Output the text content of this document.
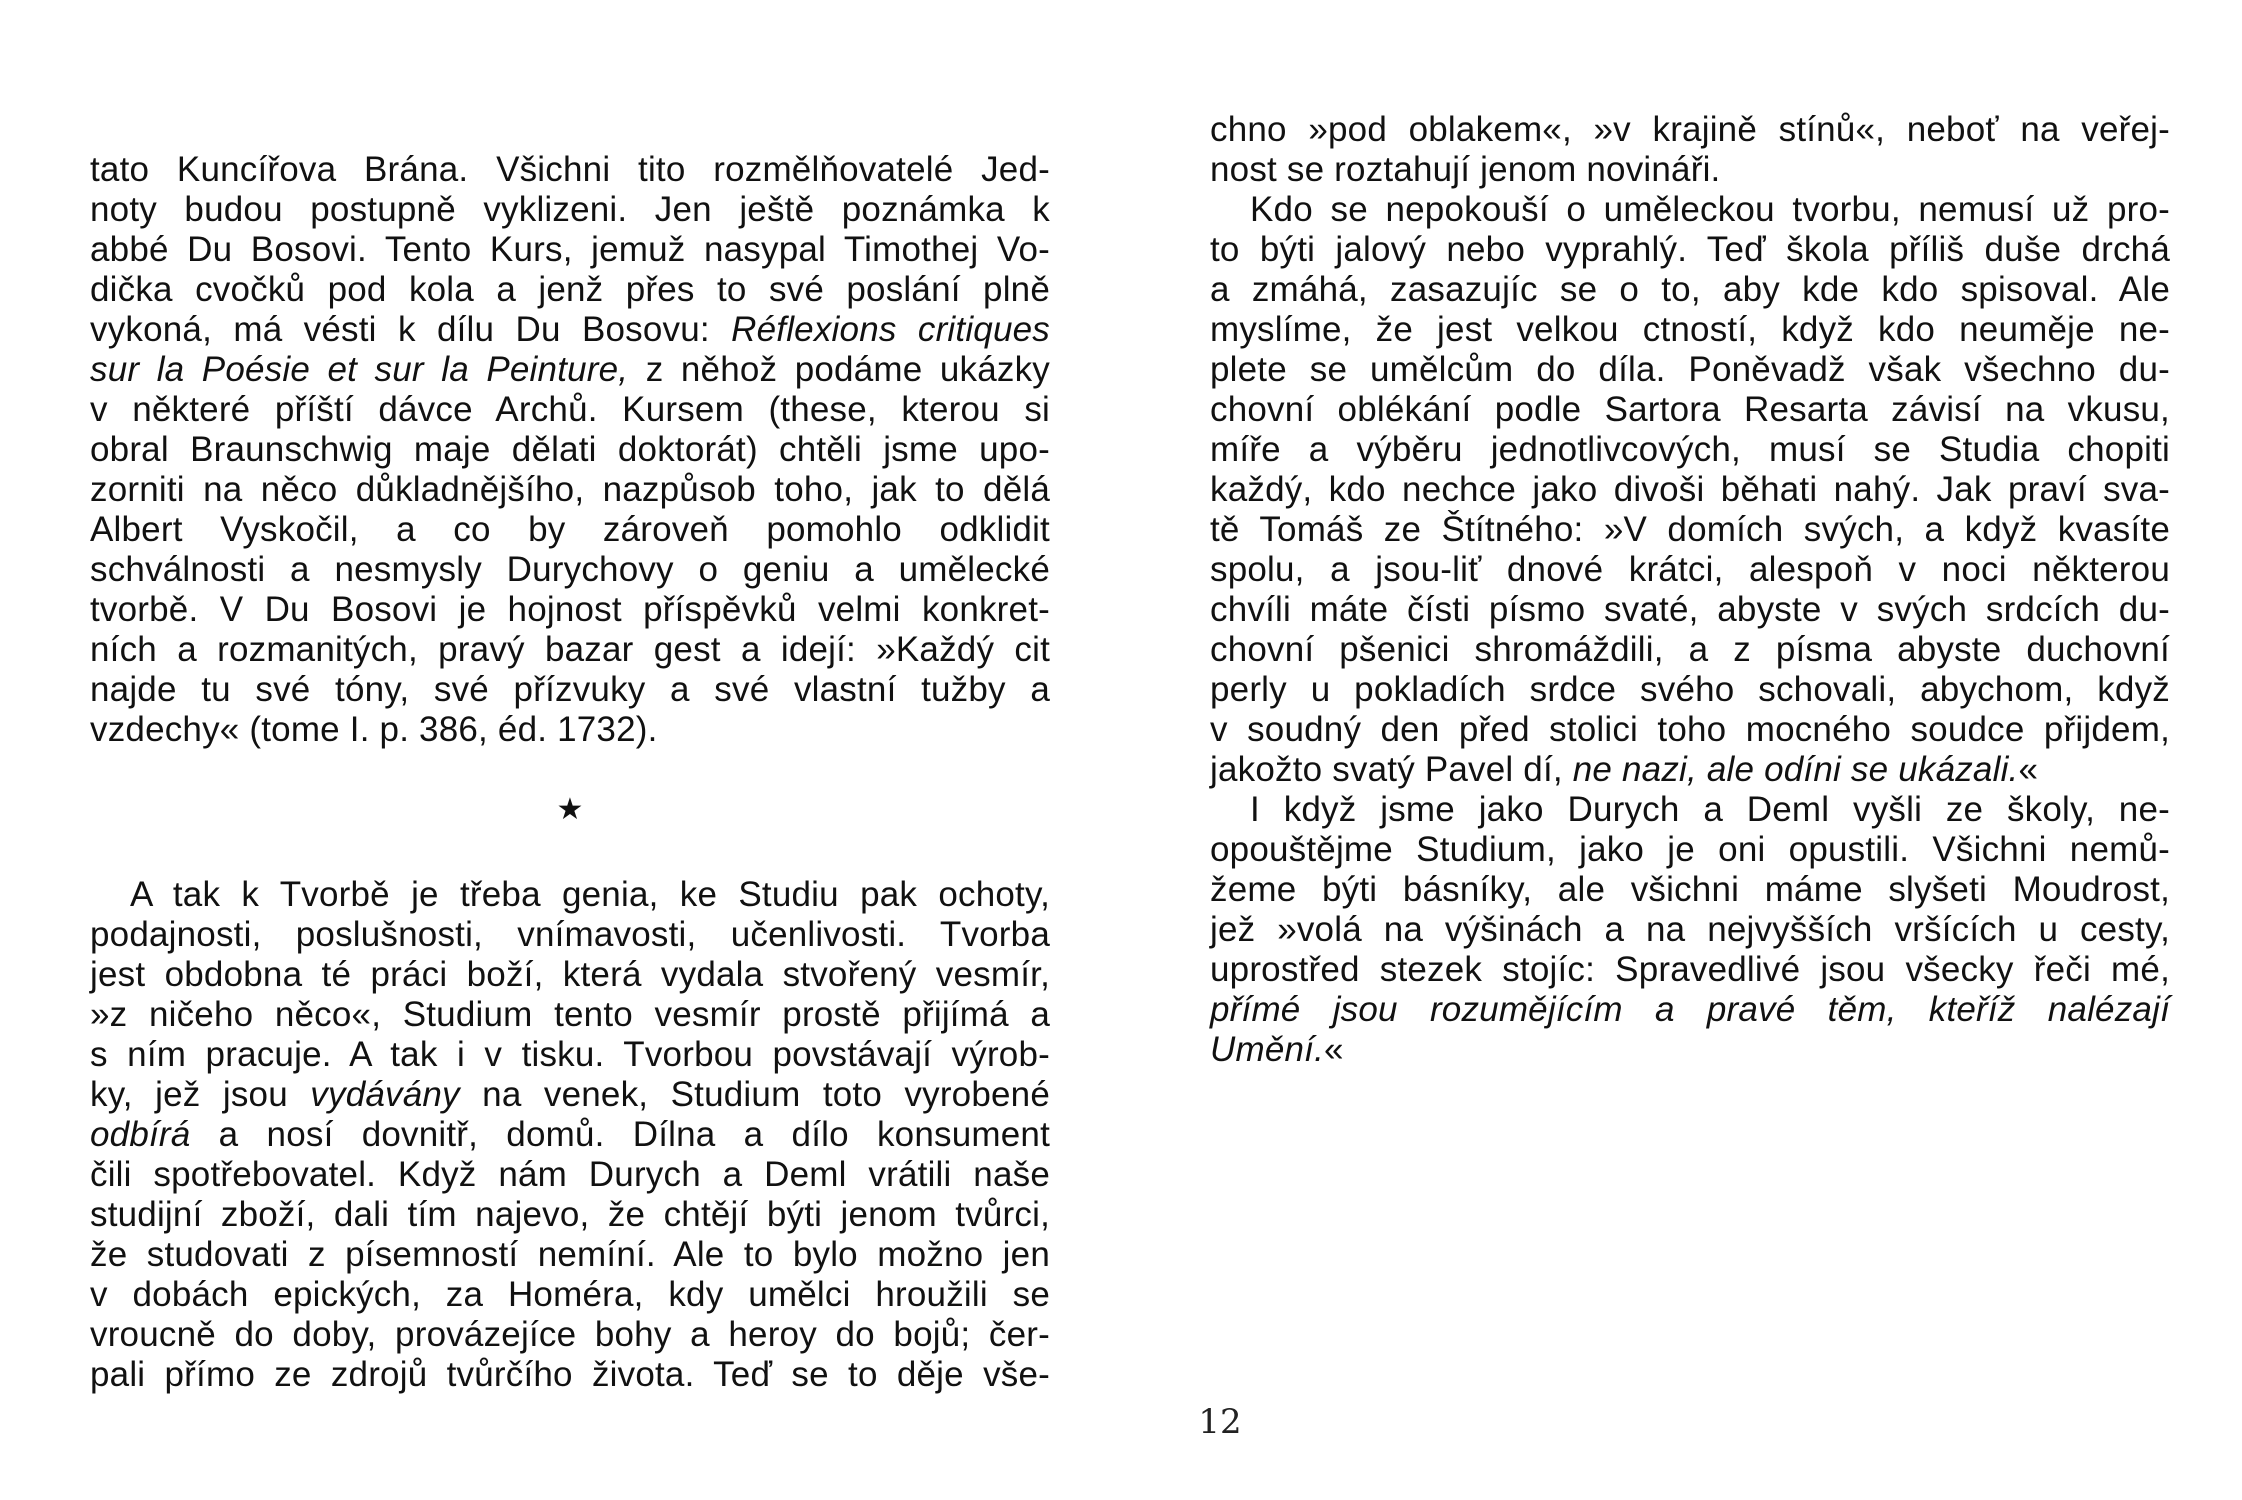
tato Kuncířova Brána. Všichni tito rozmělňovatelé Jed-
noty budou postupně vyklizeni. Jen ještě poznámka k
abbé Du Bosovi. Tento Kurs, jemuž nasypal Timothej Vo-
dička cvočků pod kola a jenž přes to své poslání plně
vykoná, má vésti k dílu Du Bosovu: Réflexions critiques
sur la Poésie et sur la Peinture, z něhož podáme ukázky
v některé příští dávce Archů. Kursem (these, kterou si
obral Braunschwig maje dělati doktorát) chtěli jsme upo-
zorniti na něco důkladnějšího, nazpůsob toho, jak to dělá
Albert Vyskočil, a co by zároveň pomohlo odklidit
schválnosti a nesmysly Durychovy o geniu a umělecké
tvorbě. V Du Bosovi je hojnost příspěvků velmi konkret-
ních a rozmanitých, pravý bazar gest a idejí: »Každý cit
najde tu své tóny, své přízvuky a své vlastní tužby a
vzdechy« (tome I. p. 386, éd. 1732).
★
A tak k Tvorbě je třeba genia, ke Studiu pak ochoty,
podajnosti, poslušnosti, vnímavosti, učenlivosti. Tvorba
jest obdobna té práci boží, která vydala stvořený vesmír,
»z ničeho něco«, Studium tento vesmír prostě přijímá a
s ním pracuje. A tak i v tisku. Tvorbou povstávají výrob-
ky, jež jsou vydávány na venek, Studium toto vyrobené
odbírá a nosí dovnitř, domů. Dílna a dílo konsument
čili spotřebovatel. Když nám Durych a Deml vrátili naše
studijní zboží, dali tím najevo, že chtějí býti jenom tvůrci,
že studovati z písemností nemíní. Ale to bylo možno jen
v dobách epických, za Homéra, kdy umělci hroužili se
vroucně do doby, provázejíce bohy a heroy do bojů; čer-
pali přímo ze zdrojů tvůrčího života. Teď se to děje vše-
chno »pod oblakem«, »v krajině stínů«, neboť na veřej-
nost se roztahují jenom novináři.
Kdo se nepokouší o uměleckou tvorbu, nemusí už pro-
to býti jalový nebo vyprahlý. Teď škola příliš duše drchá
a zmáhá, zasazujíc se o to, aby kde kdo spisoval. Ale
myslíme, že jest velkou ctností, když kdo neuměje ne-
plete se umělcům do díla. Poněvadž však všechno du-
chovní oblékání podle Sartora Resarta závisí na vkusu,
míře a výběru jednotlivcových, musí se Studia chopiti
každý, kdo nechce jako divoši běhati nahý. Jak praví sva-
tě Tomáš ze Štítného: »V domích svých, a když kvasíte
spolu, a jsou-liť dnové krátci, alespoň v noci některou
chvíli máte čísti písmo svaté, abyste v svých srdcích du-
chovní pšenici shromáždili, a z písma abyste duchovní
perly u pokladích srdce svého schovali, abychom, když
v soudný den před stolici toho mocného soudce přijdem,
jakožto svatý Pavel dí, ne nazi, ale odíni se ukázali.«
I když jsme jako Durych a Deml vyšli ze školy, ne-
opouštějme Studium, jako je oni opustili. Všichni nemů-
žeme býti básníky, ale všichni máme slyšeti Moudrost,
jež »volá na výšinách a na nejvyšších vršících u cesty,
uprostřed stezek stojíc: Spravedlivé jsou všecky řeči mé,
přímé jsou rozumějícím a pravé těm, kteříž nalézají
Umění.«
12
